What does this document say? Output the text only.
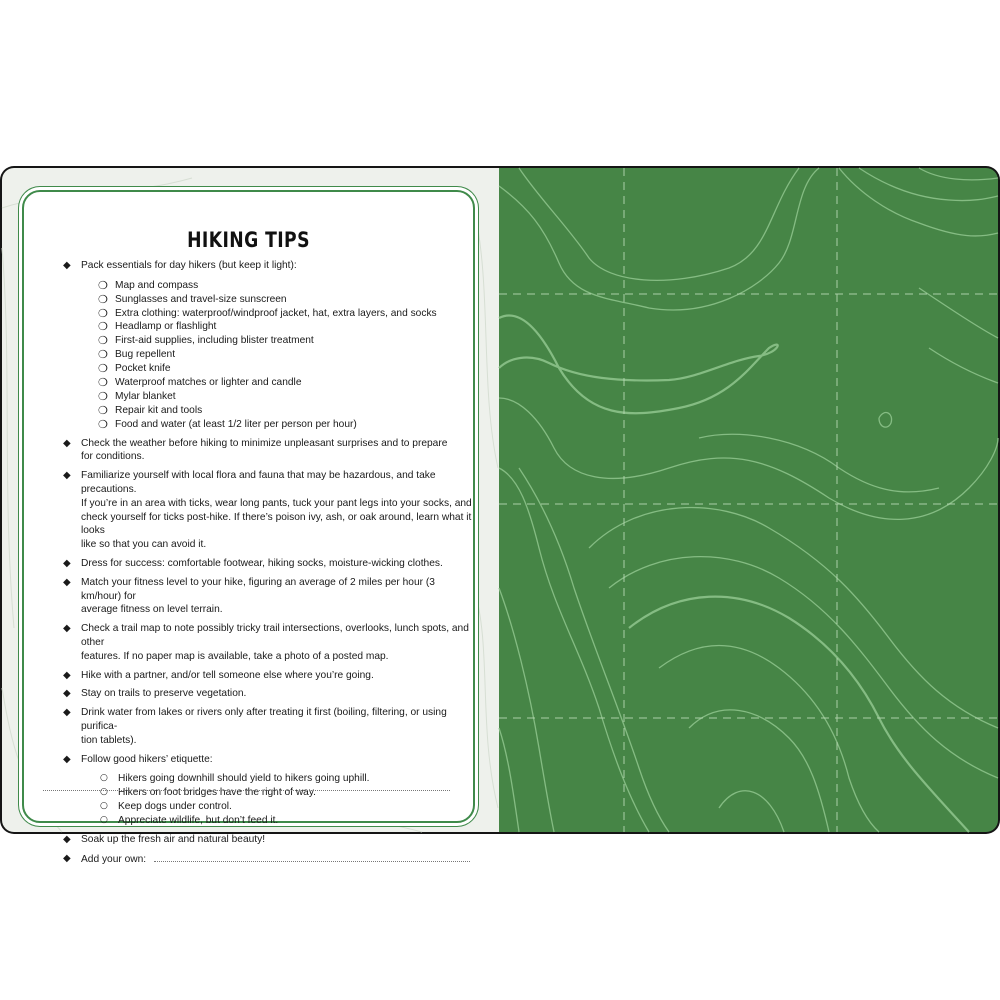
HIKING TIPS
◆ Pack essentials for day hikers (but keep it light):
❍ Map and compass
❍ Sunglasses and travel-size sunscreen
❍ Extra clothing: waterproof/windproof jacket, hat, extra layers, and socks
❍ Headlamp or flashlight
❍ First-aid supplies, including blister treatment
❍ Bug repellent
❍ Pocket knife
❍ Waterproof matches or lighter and candle
❍ Mylar blanket
❍ Repair kit and tools
❍ Food and water (at least 1/2 liter per person per hour)
◆ Check the weather before hiking to minimize unpleasant surprises and to prepare
for conditions.
◆ Familiarize yourself with local flora and fauna that may be hazardous, and take precautions.
If you’re in an area with ticks, wear long pants, tuck your pant legs into your socks, and
check yourself for ticks post-hike. If there’s poison ivy, ash, or oak around, learn what it looks
like so that you can avoid it.
◆ Dress for success: comfortable footwear, hiking socks, moisture-wicking clothes.
◆ Match your fitness level to your hike, figuring an average of 2 miles per hour (3 km/hour) for
average fitness on level terrain.
◆ Check a trail map to note possibly tricky trail intersections, overlooks, lunch spots, and other
features. If no paper map is available, take a photo of a posted map.
◆ Hike with a partner, and/or tell someone else where you’re going.
◆ Stay on trails to preserve vegetation.
◆ Drink water from lakes or rivers only after treating it first (boiling, filtering, or using purifica-
tion tablets).
◆ Follow good hikers’ etiquette:
○ Hikers going downhill should yield to hikers going uphill.
○ Hikers on foot bridges have the right of way.
○ Keep dogs under control.
○ Appreciate wildlife, but don’t feed it.
◆ Soak up the fresh air and natural beauty!
◆ Add your own:
